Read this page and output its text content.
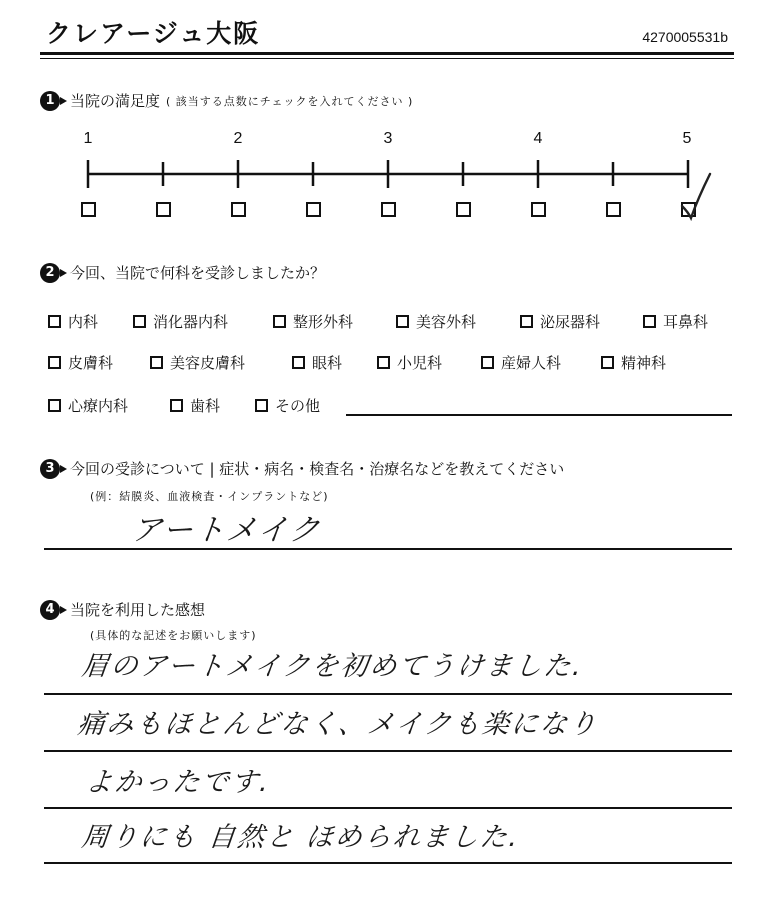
クレアージュ大阪	4270005531b
1	当院の満足度 ( 該当する点数にチェックを入れてください )
1	2	3	4	5
2	今回、当院で何科を受診しましたか？
内科	消化器内科	整形外科	美容外科	泌尿器科	耳鼻科
皮膚科	美容皮膚科	眼科	小児科	産婦人科	精神科
心療内科	歯科	その他
3	今回の受診について | 症状・病名・検査名・治療名などを教えてください
(例：結膜炎、血液検査・インプラントなど)
アートメイク
4	当院を利用した感想
(具体的な記述をお願いします)
眉のアートメイクを初めてうけました.
痛みもほとんどなく、メイクも楽になり
よかったです.
周りにも 自然と ほめられました.
